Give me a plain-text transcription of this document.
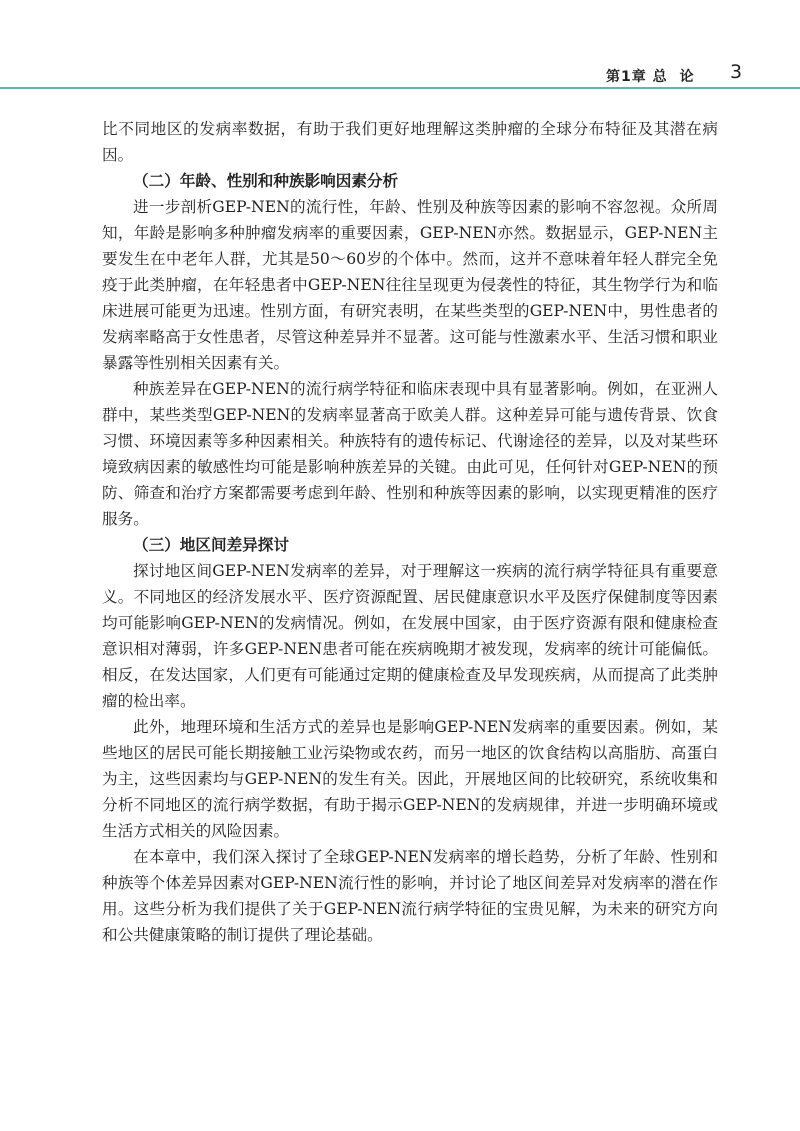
第1章 总 论 3

比不同地区的发病率数据，有助于我们更好地理解这类肿瘤的全球分布特征及其潜在病因。

（二）年龄、性别和种族影响因素分析

进一步剖析GEP-NEN的流行性，年龄、性别及种族等因素的影响不容忽视。众所周知，年龄是影响多种肿瘤发病率的重要因素，GEP-NEN亦然。数据显示，GEP-NEN主要发生在中老年人群，尤其是50～60岁的个体中。然而，这并不意味着年轻人群完全免疫于此类肿瘤，在年轻患者中GEP-NEN往往呈现更为侵袭性的特征，其生物学行为和临床进展可能更为迅速。性别方面，有研究表明，在某些类型的GEP-NEN中，男性患者的发病率略高于女性患者，尽管这种差异并不显著。这可能与性激素水平、生活习惯和职业暴露等性别相关因素有关。

种族差异在GEP-NEN的流行病学特征和临床表现中具有显著影响。例如，在亚洲人群中，某些类型GEP-NEN的发病率显著高于欧美人群。这种差异可能与遗传背景、饮食习惯、环境因素等多种因素相关。种族特有的遗传标记、代谢途径的差异，以及对某些环境致病因素的敏感性均可能是影响种族差异的关键。由此可见，任何针对GEP-NEN的预防、筛查和治疗方案都需要考虑到年龄、性别和种族等因素的影响，以实现更精准的医疗服务。

（三）地区间差异探讨

探讨地区间GEP-NEN发病率的差异，对于理解这一疾病的流行病学特征具有重要意义。不同地区的经济发展水平、医疗资源配置、居民健康意识水平及医疗保健制度等因素均可能影响GEP-NEN的发病情况。例如，在发展中国家，由于医疗资源有限和健康检查意识相对薄弱，许多GEP-NEN患者可能在疾病晚期才被发现，发病率的统计可能偏低。相反，在发达国家，人们更有可能通过定期的健康检查及早发现疾病，从而提高了此类肿瘤的检出率。

此外，地理环境和生活方式的差异也是影响GEP-NEN发病率的重要因素。例如，某些地区的居民可能长期接触工业污染物或农药，而另一地区的饮食结构以高脂肪、高蛋白为主，这些因素均与GEP-NEN的发生有关。因此，开展地区间的比较研究，系统收集和分析不同地区的流行病学数据，有助于揭示GEP-NEN的发病规律，并进一步明确环境或生活方式相关的风险因素。

在本章中，我们深入探讨了全球GEP-NEN发病率的增长趋势，分析了年龄、性别和种族等个体差异因素对GEP-NEN流行性的影响，并讨论了地区间差异对发病率的潜在作用。这些分析为我们提供了关于GEP-NEN流行病学特征的宝贵见解，为未来的研究方向和公共健康策略的制订提供了理论基础。
